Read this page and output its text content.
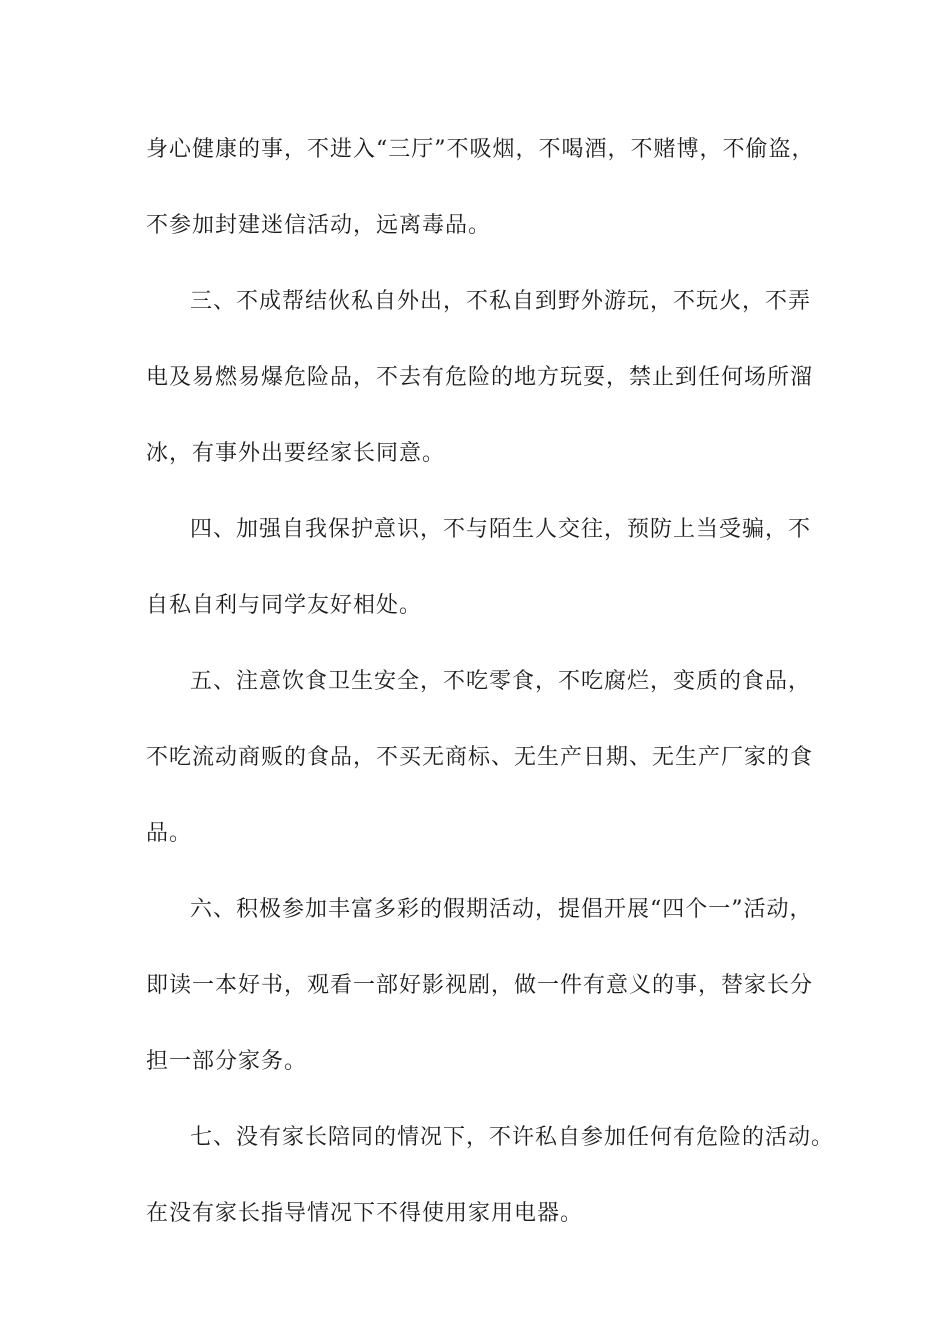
身心健康的事，不进入“三厅”不吸烟，不喝酒，不赌博，不偷盗，
不参加封建迷信活动，远离毒品。
三、不成帮结伙私自外出，不私自到野外游玩，不玩火，不弄
电及易燃易爆危险品，不去有危险的地方玩耍，禁止到任何场所溜
冰，有事外出要经家长同意。
四、加强自我保护意识，不与陌生人交往，预防上当受骗，不
自私自利与同学友好相处。
五、注意饮食卫生安全，不吃零食，不吃腐烂，变质的食品，
不吃流动商贩的食品，不买无商标、无生产日期、无生产厂家的食
品。
六、积极参加丰富多彩的假期活动，提倡开展“四个一”活动，
即读一本好书，观看一部好影视剧，做一件有意义的事，替家长分
担一部分家务。
七、没有家长陪同的情况下，不许私自参加任何有危险的活动。
在没有家长指导情况下不得使用家用电器。
